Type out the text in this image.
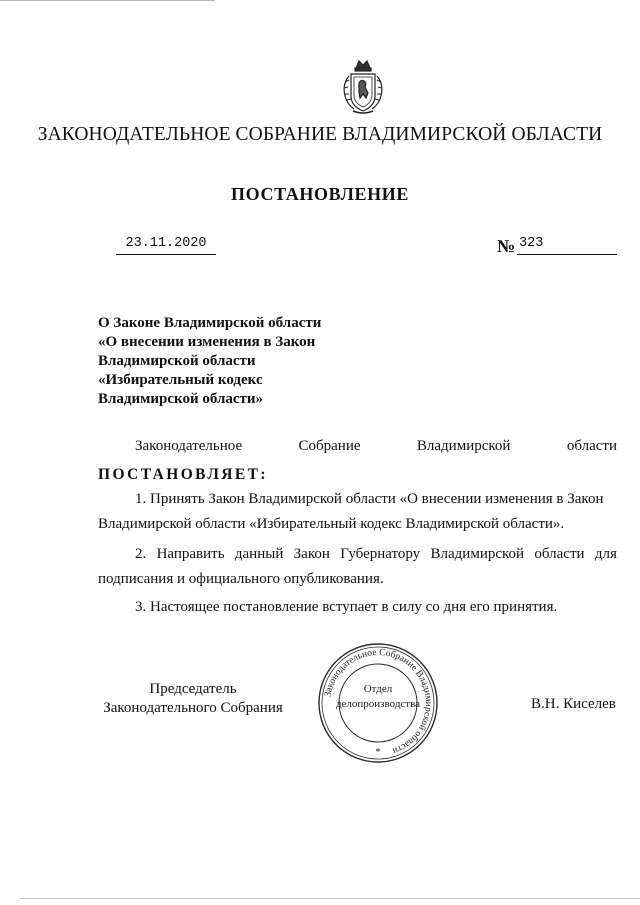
ЗАКОНОДАТЕЛЬНОЕ СОБРАНИЕ ВЛАДИМИРСКОЙ ОБЛАСТИ
ПОСТАНОВЛЕНИЕ
23.11.2020	№ 323
О Законе Владимирской области
«О внесении изменения в Закон
Владимирской области
«Избирательный кодекс
Владимирской области»
Законодательное	Собрание	Владимирской	области
ПОСТАНОВЛЯЕТ:
1. Принять Закон Владимирской области «О внесении изменения в Закон
Владимирской области «Избирательный кодекс Владимирской области».
2. Направить данный Закон Губернатору Владимирской области для
подписания и официального опубликования.
3. Настоящее постановление вступает в силу со дня его принятия.
Председатель
Законодательного Собрания
Законодательное Собрание Владимирской области
*
Отдел
делопроизводства	В.Н. Киселев
